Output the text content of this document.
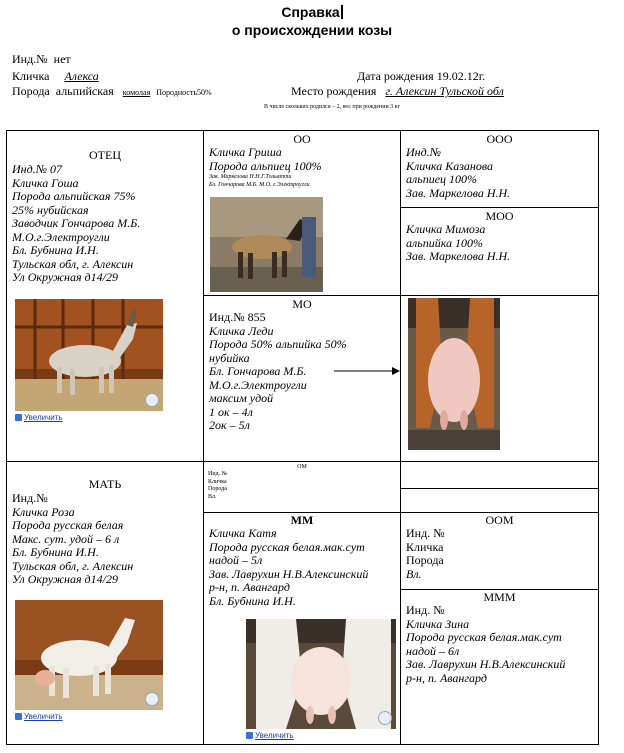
Справка
о происхождении козы
Инд.№ нет
Кличка Алекса	Дата рождения 19.02.12г.
Порода альпийская комолая Породность50%	Место рождения г. Алексин Тульской обл
В числе скольких родился – 2, вес при рождении 3 кг
ОТЕЦ
Инд.№ 07
Кличка Гоша
Порода альпийская 75%
25% нубийская
Заводчик Гончарова М.Б.
М.О.г.Электроугли
Бл. Бубнина И.Н.
Тульская обл, г. Алексин
Ул Окружная д14/29
Увеличить
ОО
Кличка Гриша
Порода альпиец 100%
Зав. Маркелова Н.Н.Г.Тольятти
Бл. Гончарова М.Б. М.О. г.Электроугли
ООО
Инд.№
Кличка Казанова
альпиец 100%
Зав. Маркелова Н.Н.
МОО
Кличка Мимоза
альпийка 100%
Зав. Маркелова Н.Н.
МО
Инд.№ 855
Кличка Леди
Порода 50% альпийка 50%
нубийка
Бл. Гончарова М.Б.
М.О.г.Электроугли
максим удой
1 ок – 4л
2ок – 5л
МАТЬ
Инд.№
Кличка Роза
Порода русская белая
Макс. сут. удой – 6 л
Бл. Бубнина И.Н.
Тульская обл, г. Алексин
Ул Окружная д14/29
Увеличить
ОМ
Инд. №
Кличка
Порода
Вл.
ММ
Кличка Катя
Порода русская белая.мак.сут
надой – 5л
Зав. Лаврухин Н.В.Алексинский
р-н, п. Авангард
Бл. Бубнина И.Н.
Увеличить
ООМ
Инд. №
Кличка
Порода
Вл.
МММ
Инд. №
Кличка Зина
Порода русская белая.мак.сут
надой – 6л
Зав. Лаврухин Н.В.Алексинский
р-н, п. Авангард
